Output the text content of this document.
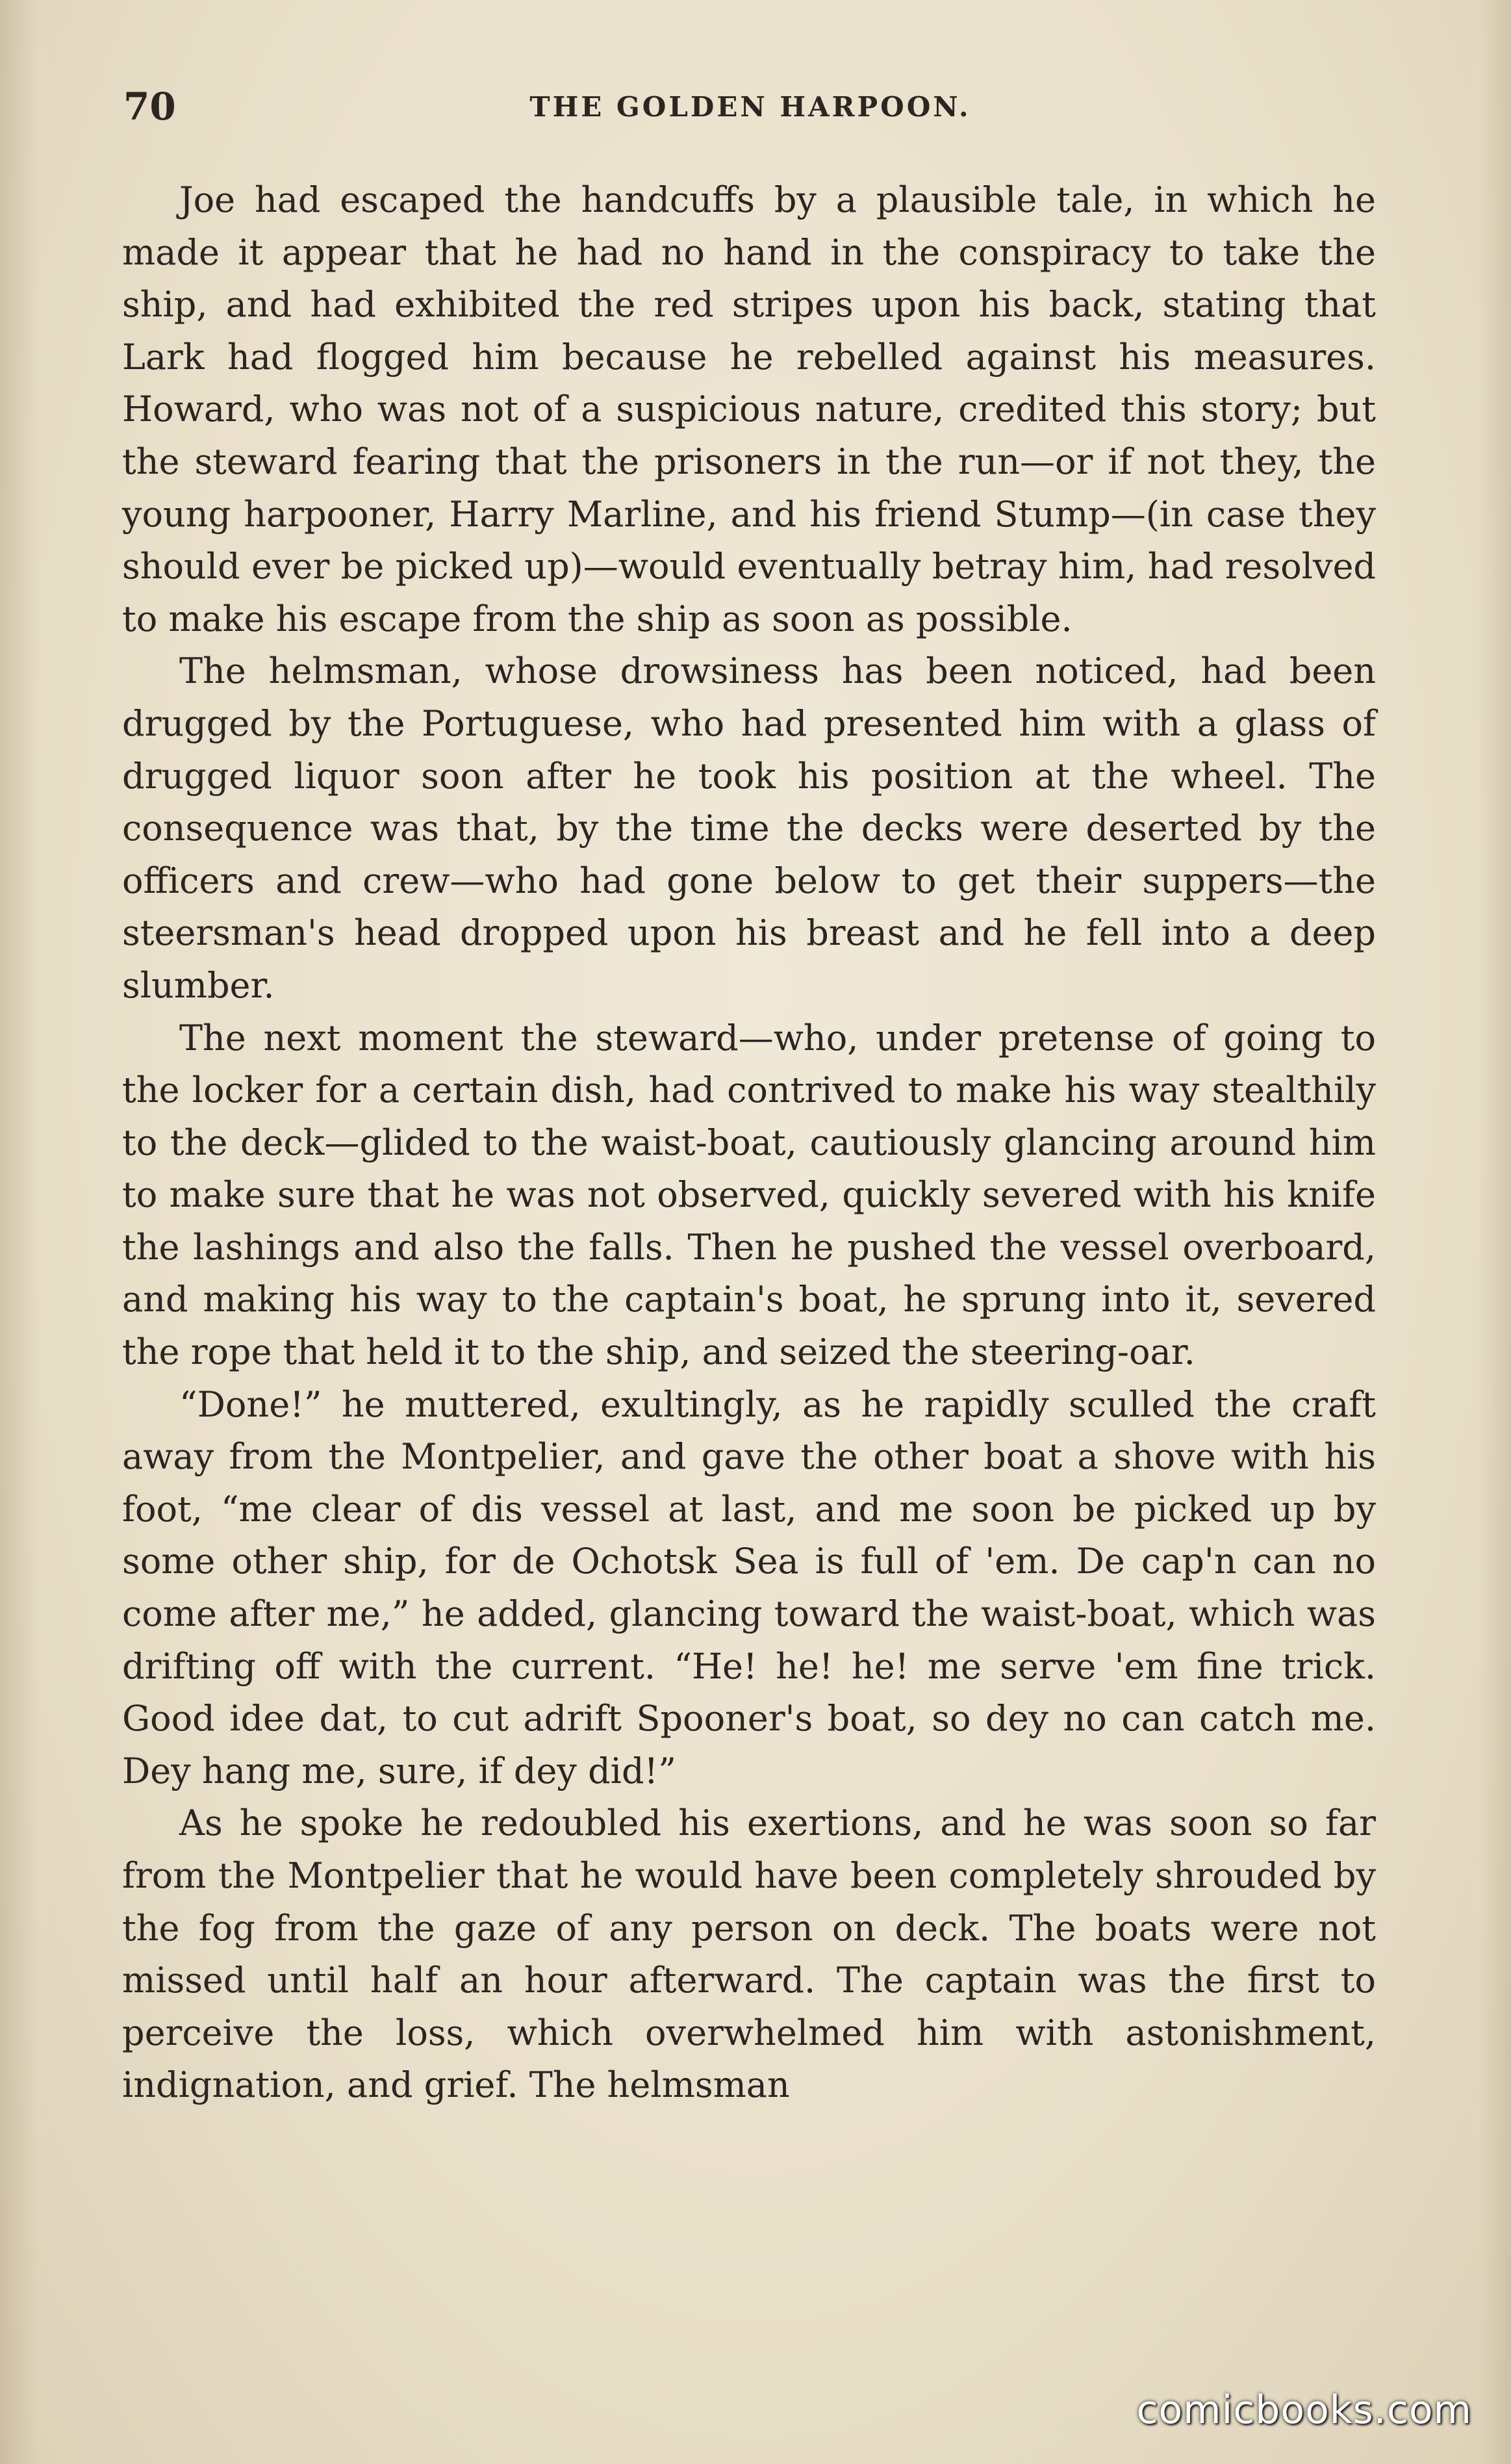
70	THE GOLDEN HARPOON.

Joe had escaped the handcuffs by a plausible tale, in which he made it appear that he had no hand in the conspiracy to take the ship, and had exhibited the red stripes upon his back, stating that Lark had flogged him because he rebelled against his measures. Howard, who was not of a suspicious nature, credited this story; but the steward fearing that the prisoners in the run—or if not they, the young harpooner, Harry Marline, and his friend Stump—(in case they should ever be picked up)—would eventually betray him, had resolved to make his escape from the ship as soon as possible.

The helmsman, whose drowsiness has been noticed, had been drugged by the Portuguese, who had presented him with a glass of drugged liquor soon after he took his position at the wheel. The consequence was that, by the time the decks were deserted by the officers and crew—who had gone below to get their suppers—the steersman's head dropped upon his breast and he fell into a deep slumber.

The next moment the steward—who, under pretense of going to the locker for a certain dish, had contrived to make his way stealthily to the deck—glided to the waist-boat, cautiously glancing around him to make sure that he was not observed, quickly severed with his knife the lashings and also the falls. Then he pushed the vessel overboard, and making his way to the captain's boat, he sprung into it, severed the rope that held it to the ship, and seized the steering-oar.

“Done!” he muttered, exultingly, as he rapidly sculled the craft away from the Montpelier, and gave the other boat a shove with his foot, “me clear of dis vessel at last, and me soon be picked up by some other ship, for de Ochotsk Sea is full of 'em. De cap'n can no come after me,” he added, glancing toward the waist-boat, which was drifting off with the current. “He! he! he! me serve 'em fine trick. Good idee dat, to cut adrift Spooner's boat, so dey no can catch me. Dey hang me, sure, if dey did!”

As he spoke he redoubled his exertions, and he was soon so far from the Montpelier that he would have been completely shrouded by the fog from the gaze of any person on deck. The boats were not missed until half an hour afterward. The captain was the first to perceive the loss, which overwhelmed him with astonishment, indignation, and grief. The helmsman

comicbooks.com
